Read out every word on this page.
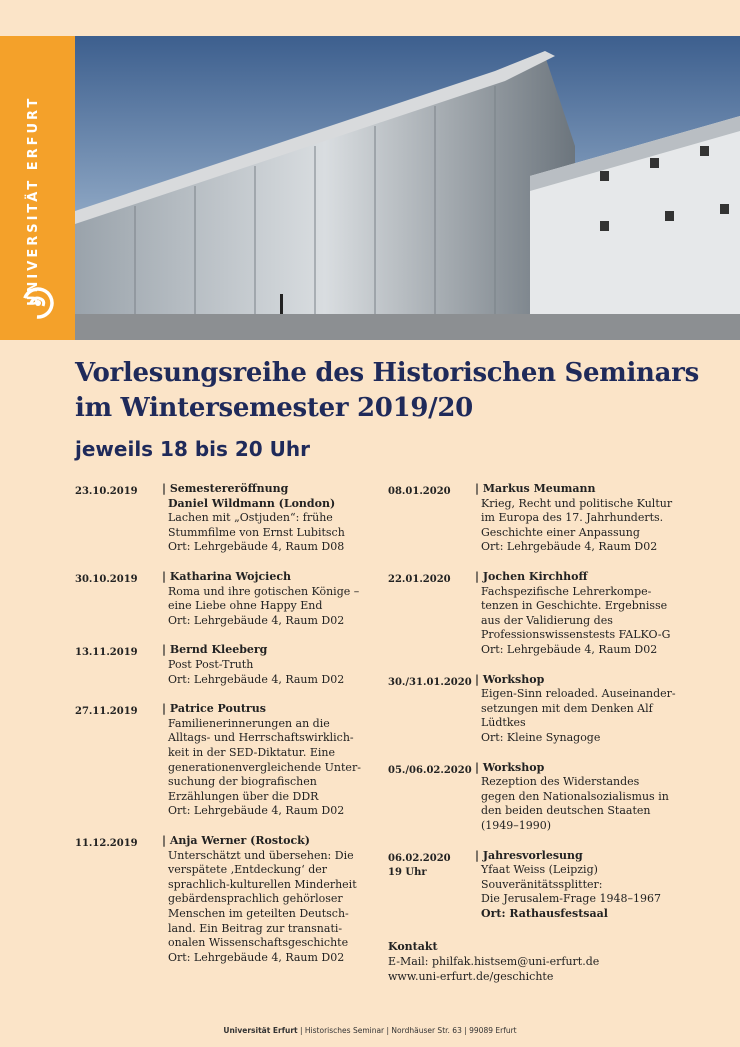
UNIVERSITÄT ERFURT
Vorlesungsreihe des Historischen Seminars
im Wintersemester 2019/20
jeweils 18 bis 20 Uhr
23.10.2019 | Semestereröffnung
Daniel Wildmann (London)
Lachen mit „Ostjuden“: frühe
Stummfilme von Ernst Lubitsch
Ort: Lehrgebäude 4, Raum D08
30.10.2019 | Katharina Wojciech
Roma und ihre gotischen Könige –
eine Liebe ohne Happy End
Ort: Lehrgebäude 4, Raum D02
13.11.2019 | Bernd Kleeberg
Post Post-Truth
Ort: Lehrgebäude 4, Raum D02
27.11.2019 | Patrice Poutrus
Familienerinnerungen an die
Alltags- und Herrschaftswirklich-
keit in der SED-Diktatur. Eine
generationenvergleichende Unter-
suchung der biografischen
Erzählungen über die DDR
Ort: Lehrgebäude 4, Raum D02
11.12.2019 | Anja Werner (Rostock)
Unterschätzt und übersehen: Die
verspätete ‚Entdeckung‘ der
sprachlich-kulturellen Minderheit
gebärdensprachlich gehörloser
Menschen im geteilten Deutsch-
land. Ein Beitrag zur transnati-
onalen Wissenschaftsgeschichte
Ort: Lehrgebäude 4, Raum D02
08.01.2020 | Markus Meumann
Krieg, Recht und politische Kultur
im Europa des 17. Jahrhunderts.
Geschichte einer Anpassung
Ort: Lehrgebäude 4, Raum D02
22.01.2020 | Jochen Kirchhoff
Fachspezifische Lehrerkompe-
tenzen in Geschichte. Ergebnisse
aus der Validierung des
Professionswissenstests FALKO-G
Ort: Lehrgebäude 4, Raum D02
30./31.01.2020 | Workshop
Eigen-Sinn reloaded. Auseinander-
setzungen mit dem Denken Alf
Lüdtkes
Ort: Kleine Synagoge
05./06.02.2020 | Workshop
Rezeption des Widerstandes
gegen den Nationalsozialismus in
den beiden deutschen Staaten
(1949–1990)
06.02.2020
19 Uhr
| Jahresvorlesung
Yfaat Weiss (Leipzig)
Souveränitätssplitter:
Die Jerusalem-Frage 1948–1967
Ort: Rathausfestsaal
Kontakt
E-Mail: philfak.histsem@uni-erfurt.de
www.uni-erfurt.de/geschichte
Universität Erfurt | Historisches Seminar | Nordhäuser Str. 63 | 99089 Erfurt
